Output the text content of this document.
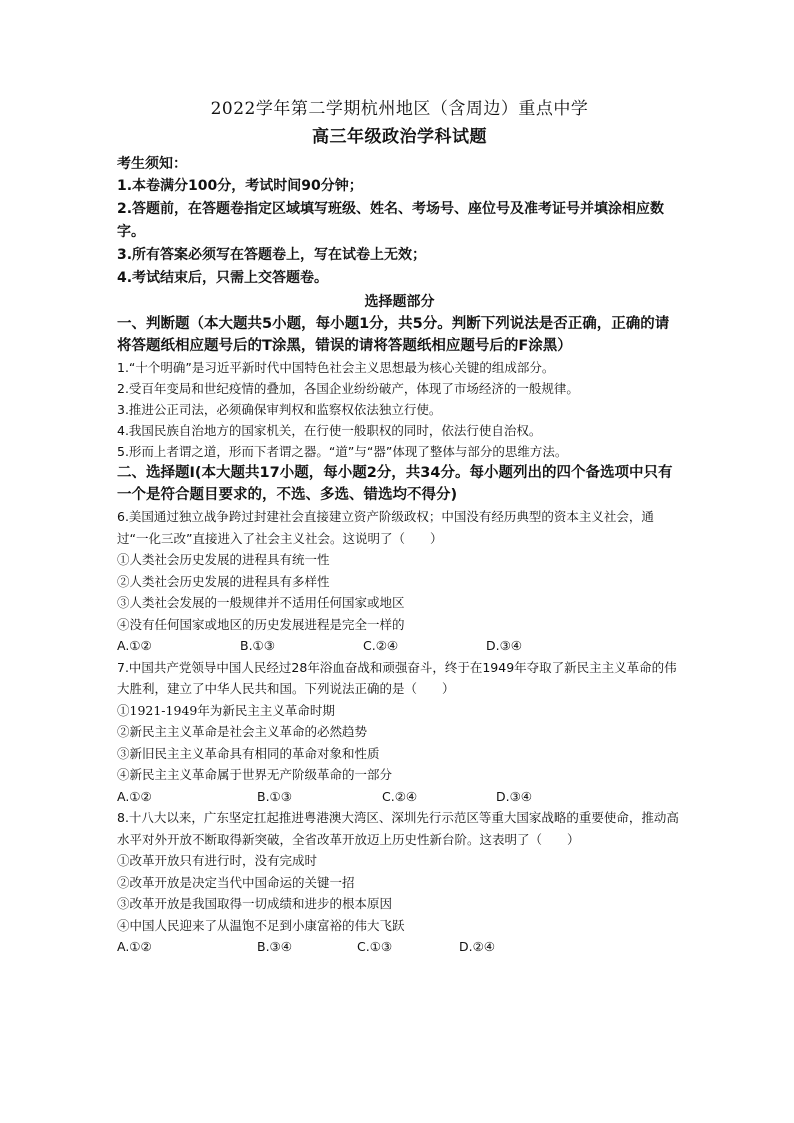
2022学年第二学期杭州地区（含周边）重点中学
高三年级政治学科试题
考生须知：
1.本卷满分100分，考试时间90分钟；
2.答题前，在答题卷指定区域填写班级、姓名、考场号、座位号及准考证号并填涂相应数字。
3.所有答案必须写在答题卷上，写在试卷上无效；
4.考试结束后，只需上交答题卷。
选择题部分
一、判断题（本大题共5小题，每小题1分，共5分。判断下列说法是否正确，正确的请将答题纸相应题号后的T涂黑，错误的请将答题纸相应题号后的F涂黑）
1.“十个明确”是习近平新时代中国特色社会主义思想最为核心关键的组成部分。
2.受百年变局和世纪疫情的叠加，各国企业纷纷破产，体现了市场经济的一般规律。
3.推进公正司法，必须确保审判权和监察权依法独立行使。
4.我国民族自治地方的国家机关，在行使一般职权的同时，依法行使自治权。
5.形而上者谓之道，形而下者谓之器。“道”与“器”体现了整体与部分的思维方法。
二、选择题Ⅰ(本大题共17小题，每小题2分，共34分。每小题列出的四个备选项中只有一个是符合题目要求的，不选、多选、错选均不得分)
6.美国通过独立战争跨过封建社会直接建立资产阶级政权；中国没有经历典型的资本主义社会，通过“一化三改”直接进入了社会主义社会。这说明了（　　）
①人类社会历史发展的进程具有统一性
②人类社会历史发展的进程具有多样性
③人类社会发展的一般规律并不适用任何国家或地区
④没有任何国家或地区的历史发展进程是完全一样的
A.①②	B.①③	C.②④	D.③④
7.中国共产党领导中国人民经过28年浴血奋战和顽强奋斗，终于在1949年夺取了新民主主义革命的伟大胜利，建立了中华人民共和国。下列说法正确的是（　　）
①1921-1949年为新民主主义革命时期
②新民主主义革命是社会主义革命的必然趋势
③新旧民主主义革命具有相同的革命对象和性质
④新民主主义革命属于世界无产阶级革命的一部分
A.①②	B.①③	C.②④	D.③④
8.十八大以来，广东坚定扛起推进粤港澳大湾区、深圳先行示范区等重大国家战略的重要使命，推动高水平对外开放不断取得新突破，全省改革开放迈上历史性新台阶。这表明了（　　）
①改革开放只有进行时，没有完成时
②改革开放是决定当代中国命运的关键一招
③改革开放是我国取得一切成绩和进步的根本原因
④中国人民迎来了从温饱不足到小康富裕的伟大飞跃
A.①②	B.③④	C.①③	D.②④
